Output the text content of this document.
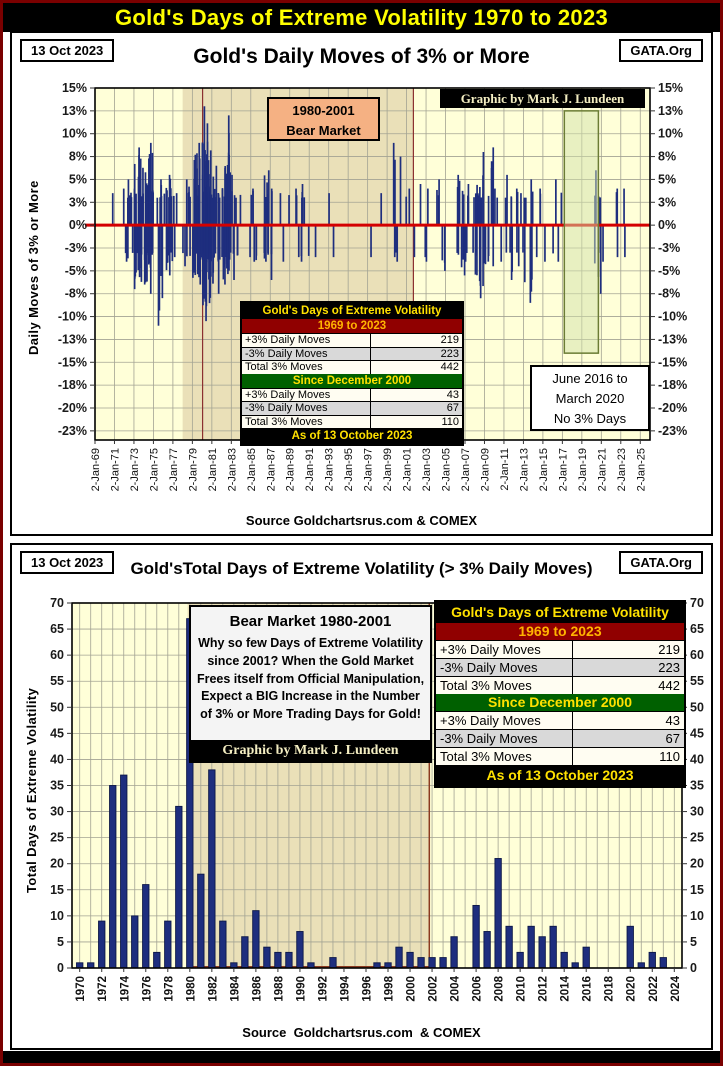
Gold's Days of Extreme Volatility 1970 to 2023
13 Oct 2023	GATA.Org
Gold's Daily Moves of 3% or More
15%	15%
13%	13%
10%	10%
8%	8%
5%	5%
3%	3%
0%	0%
-3%	-3%
-5%	-5%
-8%	-8%
-10%	-10%
-13%	-13%
-15%	-15%
-18%	-18%
-20%	-20%
-23%	-23%
2-Jan-69 2-Jan-71 2-Jan-73 2-Jan-75 2-Jan-77 2-Jan-79 2-Jan-81 2-Jan-83 2-Jan-85 2-Jan-87 2-Jan-89 2-Jan-91 2-Jan-93 2-Jan-95 2-Jan-97 2-Jan-99 2-Jan-01 2-Jan-03 2-Jan-05 2-Jan-07 2-Jan-09 2-Jan-11 2-Jan-13 2-Jan-15 2-Jan-17 2-Jan-19 2-Jan-21 2-Jan-23 2-Jan-25
Daily Moves of 3% or More
Graphic by Mark J. Lundeen
1980-2001
Bear Market
Gold's Days of Extreme Volatility
1969 to 2023
+3% Daily Moves	219
-3% Daily Moves	223
Total 3% Moves	442
Since December 2000
+3% Daily Moves	43
-3% Daily Moves	67
Total 3% Moves	110
As of 13 October 2023
June 2016 to
March 2020
No 3% Days
Source Goldchartsrus.com & COMEX
13 Oct 2023	GATA.Org
Gold'sTotal Days of Extreme Volatility (> 3% Daily Moves)
0	0
5	5
10	10
15	15
20	20
25	25
30	30
35	35
40	40
45	45
50	50
55	55
60	60
65	65
70	70
1970 1972 1974 1976 1978 1980 1982 1984 1986 1988 1990 1992 1994 1996 1998 2000 2002 2004 2006 2008 2010 2012 2014 2016 2018 2020 2022 2024
Total Days of Extreme Volatility
Bear Market 1980-2001
Why so few Days of Extreme Volatility since 2001? When the Gold Market Frees itself from Official Manipulation, Expect a BIG Increase in the Number of 3% or More Trading Days for Gold!
Graphic by Mark J. Lundeen
Gold's Days of Extreme Volatility
1969 to 2023
+3% Daily Moves	219
-3% Daily Moves	223
Total 3% Moves	442
Since December 2000
+3% Daily Moves	43
-3% Daily Moves	67
Total 3% Moves	110
As of 13 October 2023
Source  Goldchartsrus.com  & COMEX
